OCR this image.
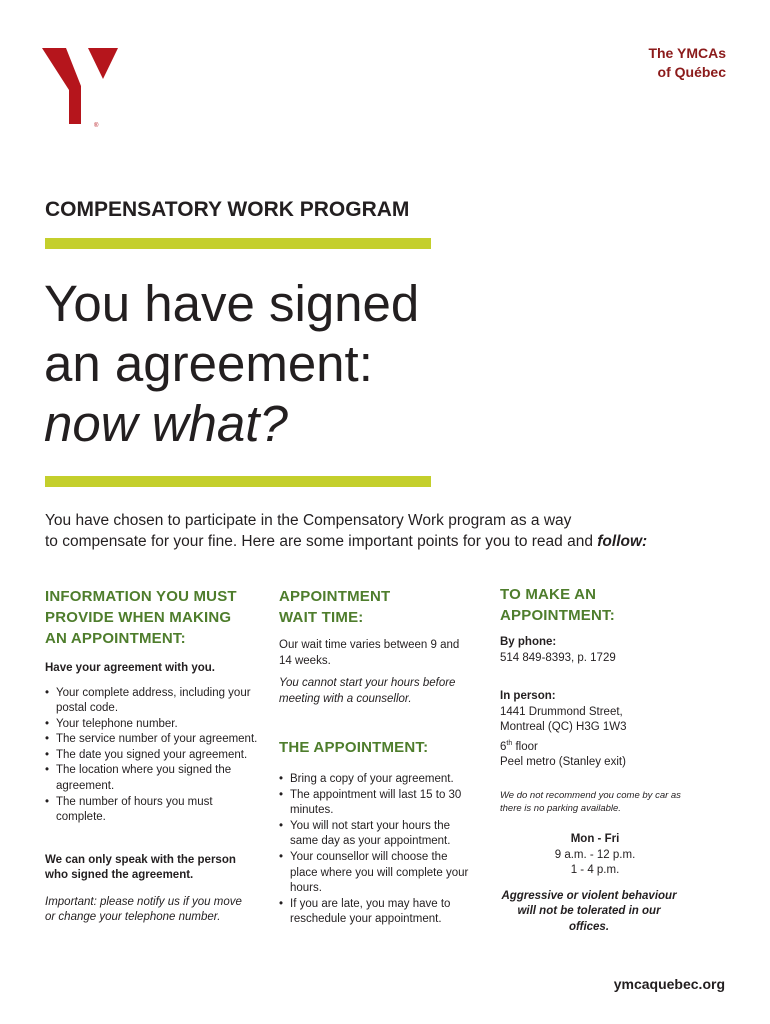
®
The YMCAs
of Québec
COMPENSATORY WORK PROGRAM
You have signed
an agreement:
now what?
You have chosen to participate in the Compensatory Work program as a way
to compensate for your fine. Here are some important points for you to read and follow:
INFORMATION YOU MUST
PROVIDE WHEN MAKING
AN APPOINTMENT:
Have your agreement with you.
• Your complete address, including your postal code.
• Your telephone number.
• The service number of your agreement.
• The date you signed your agreement.
• The location where you signed the agreement.
• The number of hours you must complete.
We can only speak with the person who signed the agreement.
Important: please notify us if you move or change your telephone number.
APPOINTMENT
WAIT TIME:
Our wait time varies between 9 and 14 weeks.
You cannot start your hours before meeting with a counsellor.
THE APPOINTMENT:
• Bring a copy of your agreement.
• The appointment will last 15 to 30 minutes.
• You will not start your hours the same day as your appointment.
• Your counsellor will choose the place where you will complete your hours.
• If you are late, you may have to reschedule your appointment.
TO MAKE AN
APPOINTMENT:
By phone:
514 849-8393, p. 1729
In person:
1441 Drummond Street,
Montreal (QC) H3G 1W3
6th floor
Peel metro (Stanley exit)
We do not recommend you come by car as there is no parking available.
Mon - Fri
9 a.m. - 12 p.m.
1 - 4 p.m.
Aggressive or violent behaviour will not be tolerated in our offices.
ymcaquebec.org
